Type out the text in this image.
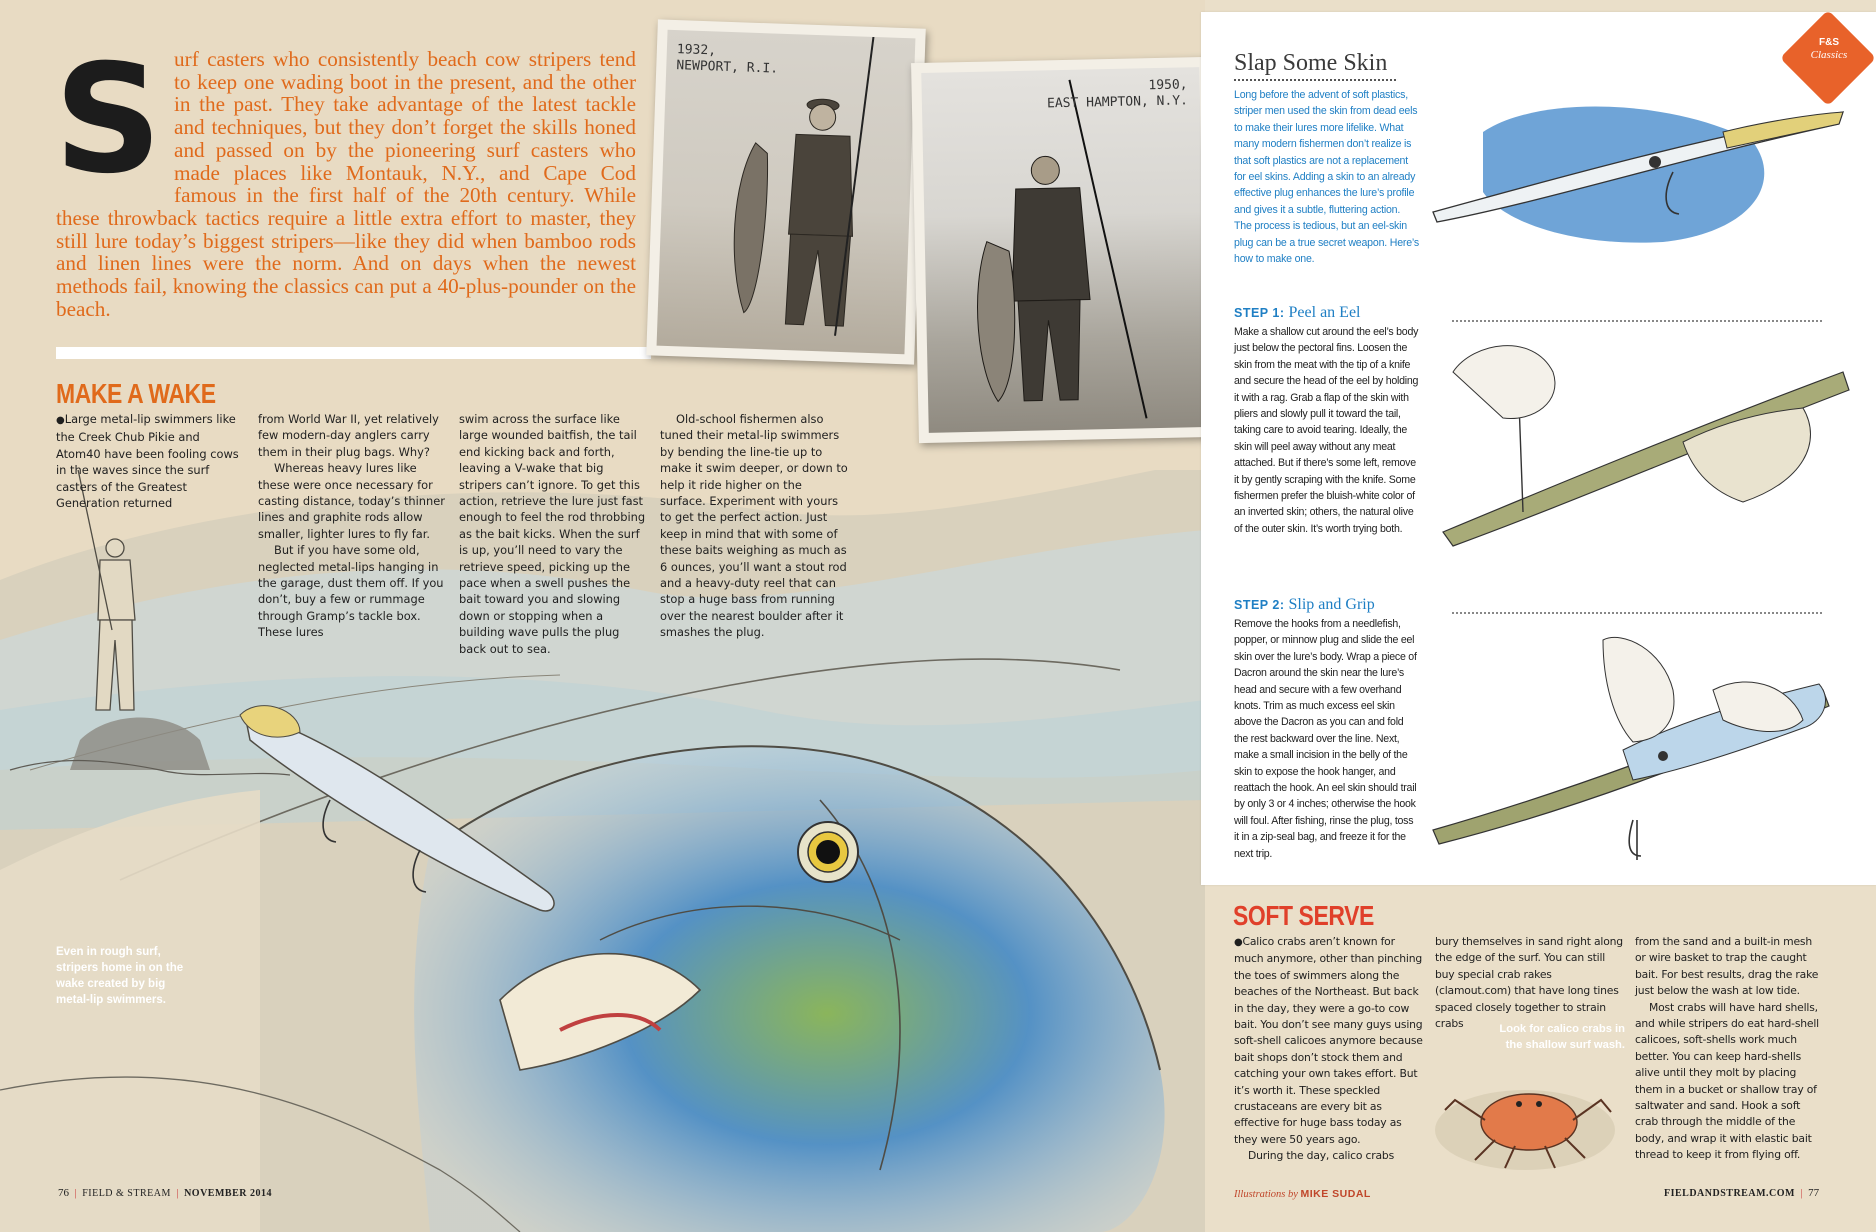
S urf casters who consistently beach cow stripers tend to keep one wading boot in the present, and the other in the past. They take advantage of the latest tackle and techniques, but they don’t forget the skills honed and passed on by the pioneering surf casters who made places like Montauk, N.Y., and Cape Cod famous in the first half of the 20th century. While these throwback tactics require a little extra effort to master, they still lure today’s biggest stripers—like they did when bamboo rods and linen lines were the norm. And on days when the newest methods fail, knowing the classics can put a 40-plus-pounder on the beach.
1932,
NEWPORT, R.I.
1950,
EAST HAMPTON, N.Y.
MAKE A WAKE

● Large metal-lip swimmers like the Creek Chub Pikie and Atom40 have been fooling cows in the waves since the surf casters of the Greatest Generation returned

from World War II, yet relatively few modern-day anglers carry them in their plug bags. Why?

Whereas heavy lures like these were once necessary for casting distance, today’s thinner lines and graphite rods allow smaller, lighter lures to fly far.

But if you have some old, neglected metal-lips hanging in the garage, dust them off. If you don’t, buy a few or rummage through Gramp’s tackle box. These lures

swim across the surface like large wounded baitfish, the tail end kicking back and forth, leaving a V-wake that big stripers can’t ignore. To get this action, retrieve the lure just fast enough to feel the rod throbbing as the bait kicks. When the surf is up, you’ll need to vary the retrieve speed, picking up the pace when a swell pushes the bait toward you and slowing down or stopping when a building wave pulls the plug back out to sea.

Old-school fishermen also tuned their metal-lip swimmers by bending the line-tie up to make it swim deeper, or down to help it ride higher on the surface. Experiment with yours to get the perfect action. Just keep in mind that with some of these baits weighing as much as 6 ounces, you’ll want a stout rod and a heavy-duty reel that can stop a huge bass from running over the nearest boulder after it smashes the plug.

Even in rough surf, stripers home in on the wake created by big metal-lip swimmers.
76  |  FIELD & STREAM  |  NOVEMBER 2014
F&S
Classics
Slap Some Skin
Long before the advent of soft plastics, striper men used the skin from dead eels to make their lures more lifelike. What many modern fishermen don’t realize is that soft plastics are not a replacement for eel skins. Adding a skin to an already effective plug enhances the lure’s profile and gives it a subtle, fluttering action. The process is tedious, but an eel-skin plug can be a true secret weapon. Here’s how to make one.
STEP 1: Peel an Eel
Make a shallow cut around the eel’s body just below the pectoral fins. Loosen the skin from the meat with the tip of a knife and secure the head of the eel by holding it with a rag. Grab a flap of the skin with pliers and slowly pull it toward the tail, taking care to avoid tearing. Ideally, the skin will peel away without any meat attached. But if there’s some left, remove it by gently scraping with the knife. Some fishermen prefer the bluish-white color of an inverted skin; others, the natural olive of the outer skin. It’s worth trying both.
STEP 2: Slip and Grip
Remove the hooks from a needlefish, popper, or minnow plug and slide the eel skin over the lure’s body. Wrap a piece of Dacron around the skin near the lure’s head and secure with a few overhand knots. Trim as much excess eel skin above the Dacron as you can and fold the rest backward over the line. Next, make a small incision in the belly of the skin to expose the hook hanger, and reattach the hook. An eel skin should trail by only 3 or 4 inches; otherwise the hook will foul. After fishing, rinse the plug, toss it in a zip-seal bag, and freeze it for the next trip.
SOFT SERVE

● Calico crabs aren’t known for much anymore, other than pinching the toes of swimmers along the beaches of the Northeast. But back in the day, they were a go-to cow bait. You don’t see many guys using soft-shell calicoes anymore because bait shops don’t stock them and catching your own takes effort. But it’s worth it. These speckled crustaceans are every bit as effective for huge bass today as they were 50 years ago.

During the day, calico crabs

bury themselves in sand right along the edge of the surf. You can still buy special crab rakes (clamout.com) that have long tines spaced closely together to strain crabs	Look for calico crabs in the shallow surf wash.

from the sand and a built-in mesh or wire basket to trap the caught bait. For best results, drag the rake just below the wash at low tide.

Most crabs will have hard shells, and while stripers do eat hard-shell calicoes, soft-shells work much better. You can keep hard-shells alive until they molt by placing them in a bucket or shallow tray of saltwater and sand. Hook a soft crab through the middle of the body, and wrap it with elastic bait thread to keep it from flying off.

Illustrations by MIKE SUDAL	FIELDANDSTREAM.COM  |  77
